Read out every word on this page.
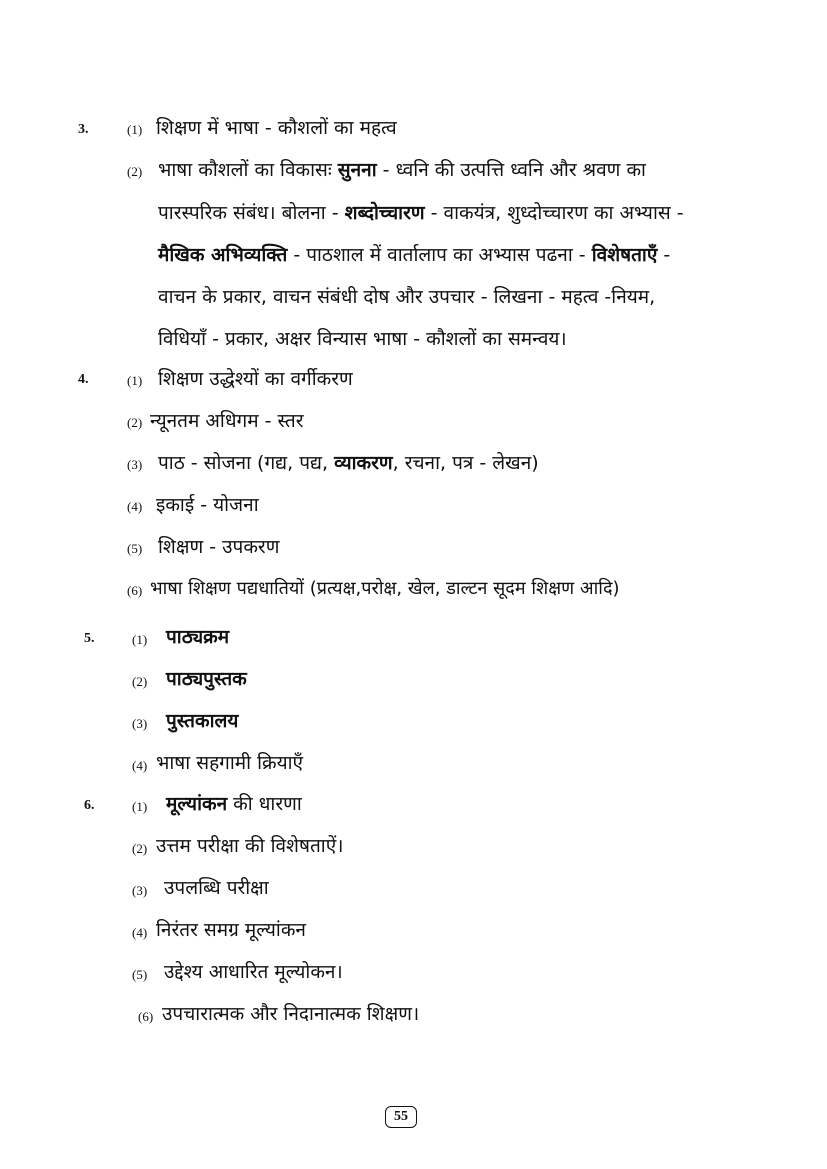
3.	(1) शिक्षण में भाषा - कौशलों का महत्व
(2) भाषा कौशलों का विकासः सुनना - ध्वनि की उत्पत्ति ध्वनि और श्रवण का
पारस्परिक संबंध। बोलना - शब्दोच्चारण - वाकयंत्र, शुध्दोच्चारण का अभ्यास -
मैखिक अभिव्यक्ति - पाठशाल में वार्तालाप का अभ्यास पढना - विशेषताएँ -
वाचन के प्रकार, वाचन संबंधी दोष और उपचार - लिखना - महत्व -नियम,
विधियाँ - प्रकार, अक्षर विन्यास भाषा - कौशलों का समन्वय।
4.	(1) शिक्षण उद्धेश्यों का वर्गीकरण
(2) न्यूनतम अधिगम - स्तर
(3) पाठ - सोजना (गद्य, पद्य, व्याकरण, रचना, पत्र - लेखन)
(4) इकाई - योजना
(5) शिक्षण - उपकरण
(6) भाषा शिक्षण पद्यधातियों (प्रत्यक्ष,परोक्ष, खेल, डाल्टन सूदम शिक्षण आदि)
5.	(1) पाठ्यक्रम
(2) पाठ्यपुस्तक
(3) पुस्तकालय
(4) भाषा सहगामी क्रियाएँ
6.	(1) मूल्यांकन की धारणा
(2) उत्तम परीक्षा की विशेषताऐं।
(3) उपलब्धि परीक्षा
(4) निरंतर समग्र मूल्यांकन
(5) उद्देश्य आधारित मूल्योकन।
(6) उपचारात्मक और निदानात्मक शिक्षण।
55
